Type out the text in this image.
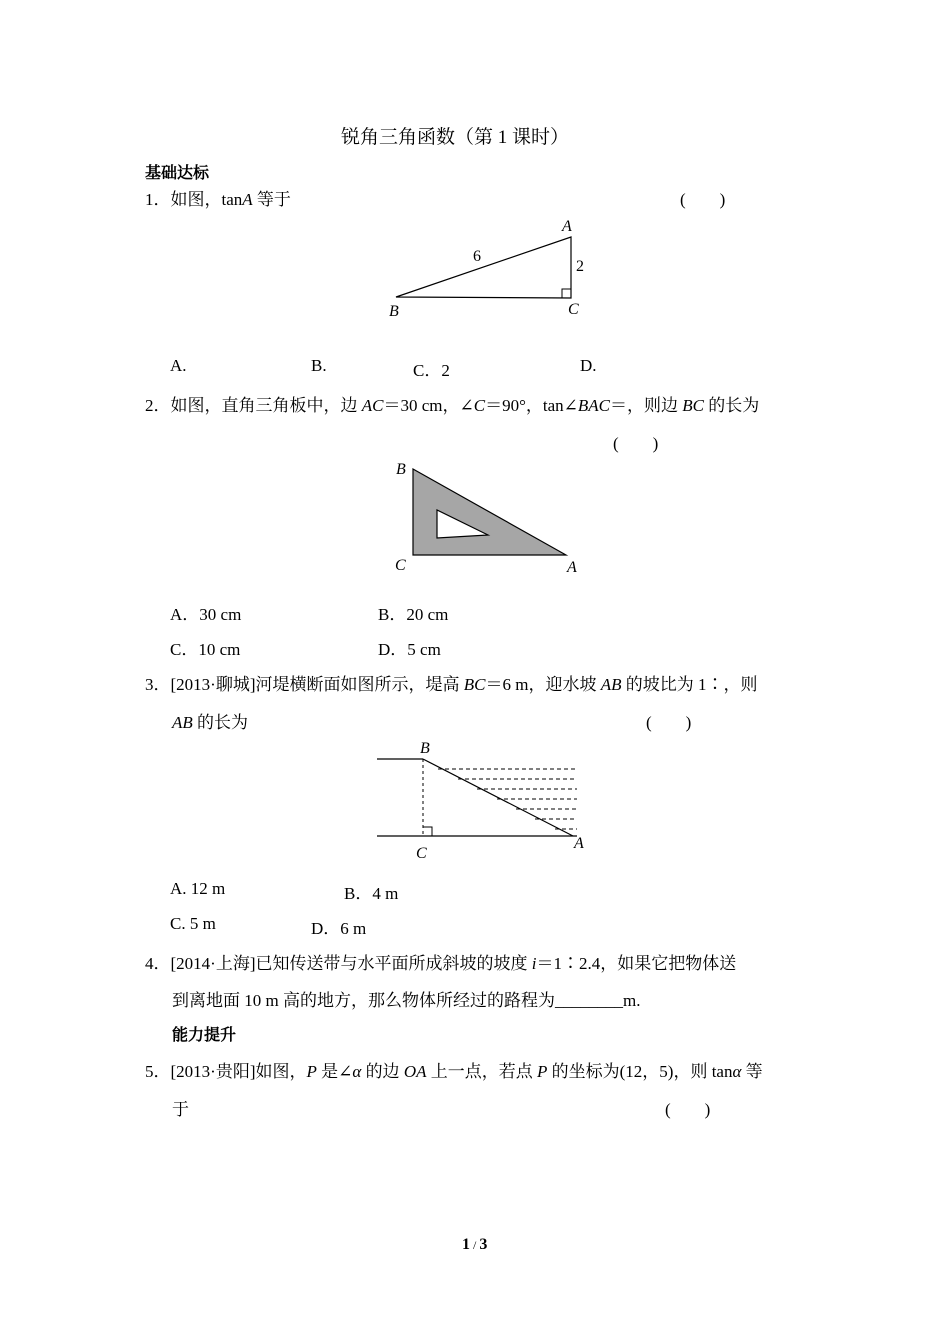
锐角三角函数（第 1 课时）
基础达标
1．如图，tanA 等于	(　　)
A
B	C
6
2
A.	B.	C．2	D.
2．如图，直角三角板中，边 AC＝30 cm，∠C＝90°，tan∠BAC＝，则边 BC 的长为
(　　)
B
C	A
A．30 cm	B．20 cm
C．10 cm	D．5 cm
3．[2013·聊城]河堤横断面如图所示，堤高 BC＝6 m，迎水坡 AB 的坡比为 1∶，则
AB 的长为	(　　)
B
C
A
A. 12 m	B．4 m
C. 5 m	D．6 m
4．[2014·上海]已知传送带与水平面所成斜坡的坡度 i＝1∶2.4，如果它把物体送
到离地面 10 m 高的地方，那么物体所经过的路程为________m.
能力提升
5．[2013·贵阳]如图，P 是∠α 的边 OA 上一点，若点 P 的坐标为(12，5)，则 tanα 等
于	(　　)
1 / 3
